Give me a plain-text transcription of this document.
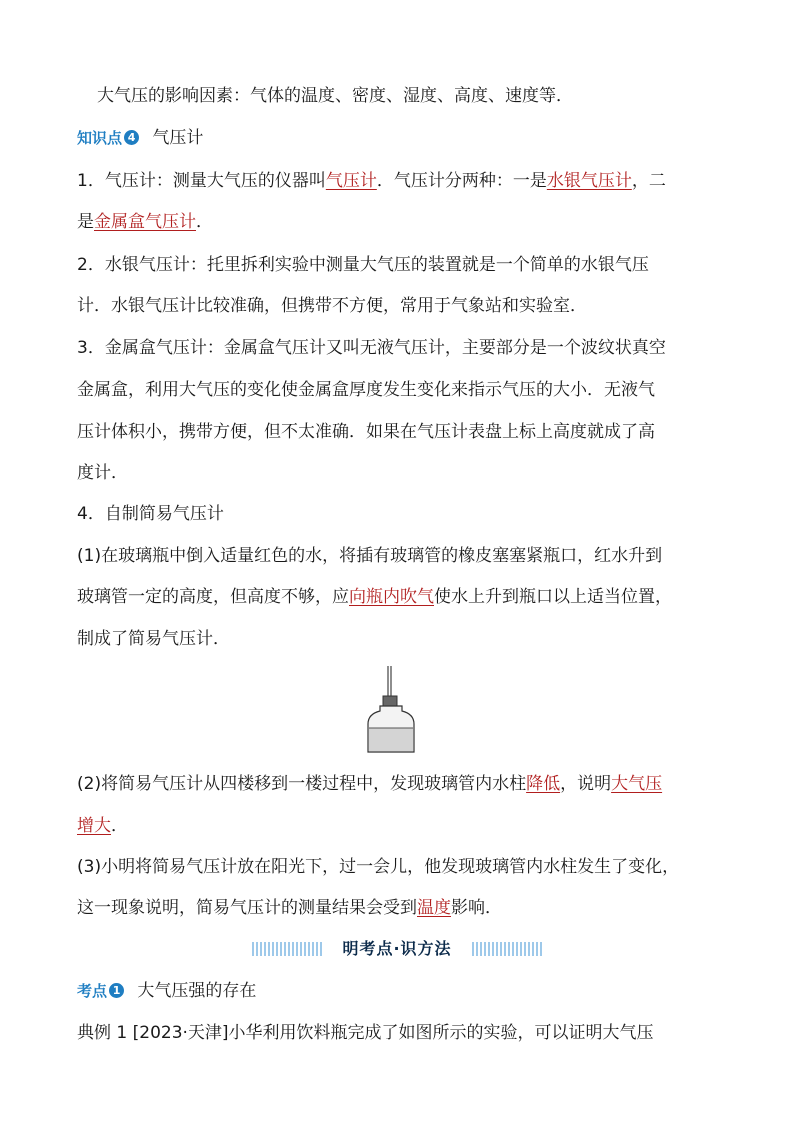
大气压的影响因素：气体的温度、密度、湿度、高度、速度等．
知识点 4 气压计
1．气压计：测量大气压的仪器叫气压计．气压计分两种：一是水银气压计，二
是金属盒气压计．
2．水银气压计：托里拆利实验中测量大气压的装置就是一个简单的水银气压
计．水银气压计比较准确，但携带不方便，常用于气象站和实验室．
3．金属盒气压计：金属盒气压计又叫无液气压计，主要部分是一个波纹状真空
金属盒，利用大气压的变化使金属盒厚度发生变化来指示气压的大小．无液气
压计体积小，携带方便，但不太准确．如果在气压计表盘上标上高度就成了高
度计．
4．自制简易气压计
(1)在玻璃瓶中倒入适量红色的水，将插有玻璃管的橡皮塞塞紧瓶口，红水升到
玻璃管一定的高度，但高度不够，应向瓶内吹气使水上升到瓶口以上适当位置，
制成了简易气压计．
(2)将简易气压计从四楼移到一楼过程中，发现玻璃管内水柱降低，说明大气压
增大．
(3)小明将简易气压计放在阳光下，过一会儿，他发现玻璃管内水柱发生了变化，
这一现象说明，简易气压计的测量结果会受到温度影响．
明考点·识方法
考点 1 大气压强的存在
典例 1 [2023·天津]小华利用饮料瓶完成了如图所示的实验，可以证明大气压
